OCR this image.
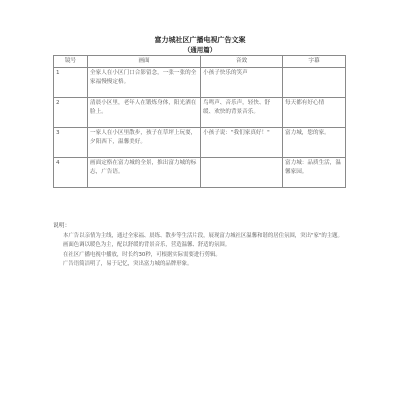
富力城社区广播电视广告文案
（通用篇）
镜号	画面	音效	字幕
1	全家人在小区门口合影留念，一张一张的全家福慢慢定格。	小孩子快乐的笑声	
2	清晨小区里，老年人在锻炼身体，阳光洒在脸上。	鸟鸣声、音乐声，轻快、舒缓、欢快的背景音乐。	每天都有好心情
3	一家人在小区里散步，孩子在草坪上玩耍，夕阳西下，温馨美好。	小孩子说："我们家真好！"	富力城，您的家。
4	画面定格在富力城的全景，推出富力城的标志，广告语。		富力城：品质生活，温馨家园。
说明：

本广告以亲情为主线，通过全家福、晨练、散步等生活片段，展现富力城社区温馨和谐的居住氛围，突出"家"的主题。

画面色调以暖色为主，配以舒缓的背景音乐，营造温馨、舒适的氛围。

在社区广播电视中播放，时长约30秒，可根据实际需要进行剪辑。

广告语简洁明了，易于记忆，突出富力城的品牌形象。
